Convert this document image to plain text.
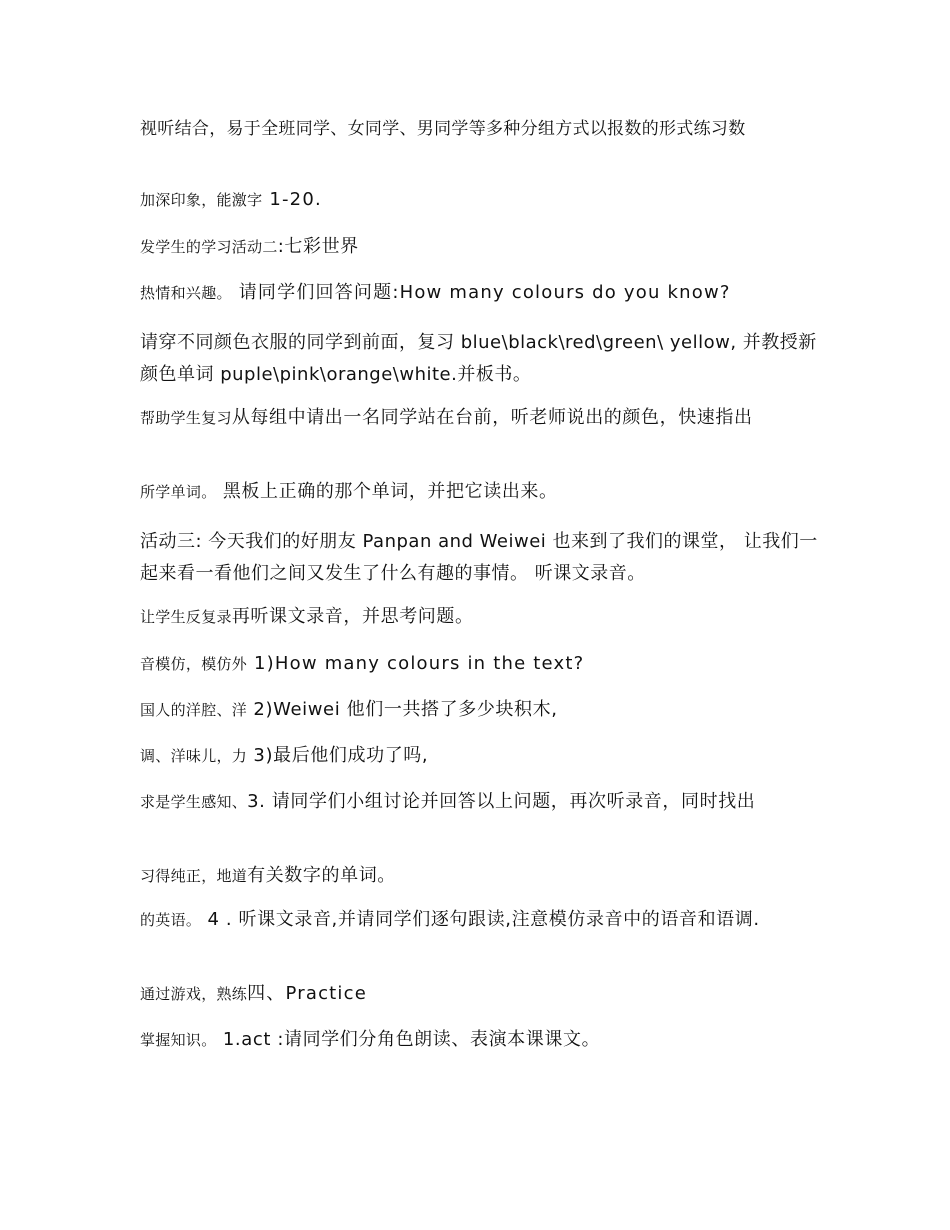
视听结合，易于全班同学、女同学、男同学等多种分组方式以报数的形式练习数

加深印象，能激字 1-20.

发学生的学习活动二:七彩世界

热情和兴趣。 请同学们回答问题:How many colours do you know?

请穿不同颜色衣服的同学到前面，复习 blue\black\red\green\ yellow, 并教授新颜色单词 puple\pink\orange\white.并板书。

帮助学生复习从每组中请出一名同学站在台前，听老师说出的颜色，快速指出

所学单词。 黑板上正确的那个单词，并把它读出来。

活动三: 今天我们的好朋友 Panpan and Weiwei 也来到了我们的课堂， 让我们一起来看一看他们之间又发生了什么有趣的事情。 听课文录音。

让学生反复录再听课文录音，并思考问题。

音模仿，模仿外 1)How many colours in the text?

国人的洋腔、洋 2)Weiwei 他们一共搭了多少块积木,

调、洋味儿，力 3)最后他们成功了吗,

求是学生感知、3. 请同学们小组讨论并回答以上问题，再次听录音，同时找出

习得纯正，地道有关数字的单词。

的英语。 4 . 听课文录音,并请同学们逐句跟读,注意模仿录音中的语音和语调.

通过游戏，熟练四、Practice

掌握知识。 1.act :请同学们分角色朗读、表演本课课文。
